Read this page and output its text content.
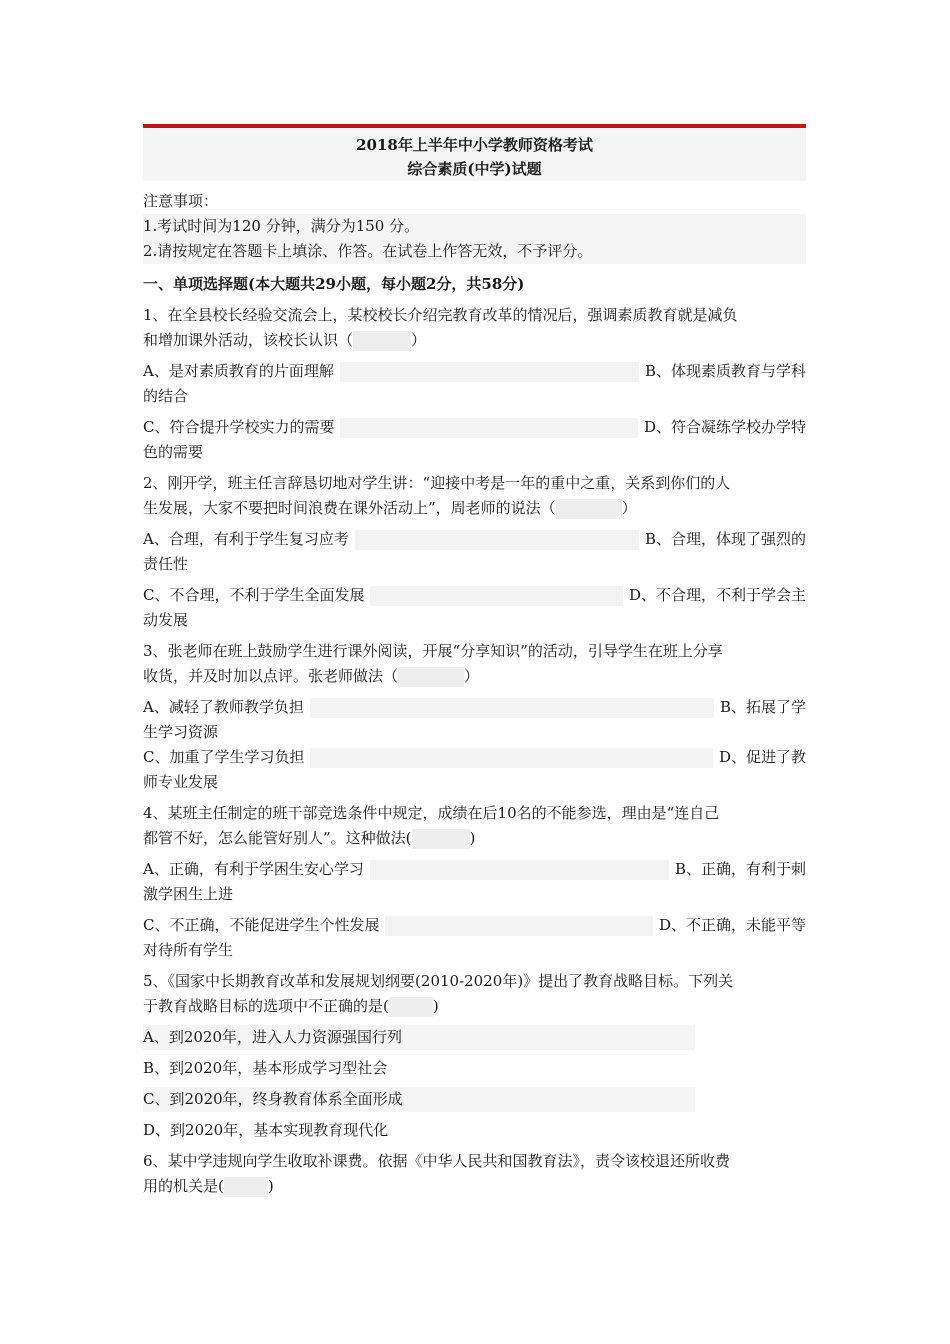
2018年上半年中小学教师资格考试
综合素质(中学)试题
注意事项：
1.考试时间为120 分钟，满分为150 分。
2.请按规定在答题卡上填涂、作答。在试卷上作答无效，不予评分。
一、单项选择题(本大题共29小题，每小题2分，共58分)
1、在全县校长经验交流会上，某校校长介绍完教育改革的情况后，强调素质教育就是减负
和增加课外活动，该校长认识（	）
A、是对素质教育的片面理解	B、体现素质教育与学科
的结合
C、符合提升学校实力的需要	D、符合凝练学校办学特
色的需要
2、刚开学，班主任言辞恳切地对学生讲：“迎接中考是一年的重中之重，关系到你们的人
生发展，大家不要把时间浪费在课外活动上”，周老师的说法（	）
A、合理，有利于学生复习应考	B、合理，体现了强烈的
责任性
C、不合理，不利于学生全面发展	D、不合理，不利于学会主
动发展
3、张老师在班上鼓励学生进行课外阅读，开展“分享知识”的活动，引导学生在班上分享
收货，并及时加以点评。张老师做法（	）
A、减轻了教师教学负担	B、拓展了学
生学习资源
C、加重了学生学习负担	D、促进了教
师专业发展
4、某班主任制定的班干部竞选条件中规定，成绩在后10名的不能参选，理由是“连自己
都管不好，怎么能管好别人”。这种做法(	)
A、正确，有利于学困生安心学习	B、正确，有利于刺
激学困生上进
C、不正确，不能促进学生个性发展	D、不正确，未能平等
对待所有学生
5、《国家中长期教育改革和发展规划纲要(2010-2020年)》提出了教育战略目标。下列关
于教育战略目标的选项中不正确的是(	)
A、到2020年，进入人力资源强国行列
B、到2020年，基本形成学习型社会
C、到2020年，终身教育体系全面形成
D、到2020年，基本实现教育现代化
6、某中学违规向学生收取补课费。依据《中华人民共和国教育法》，责令该校退还所收费
用的机关是(	)
